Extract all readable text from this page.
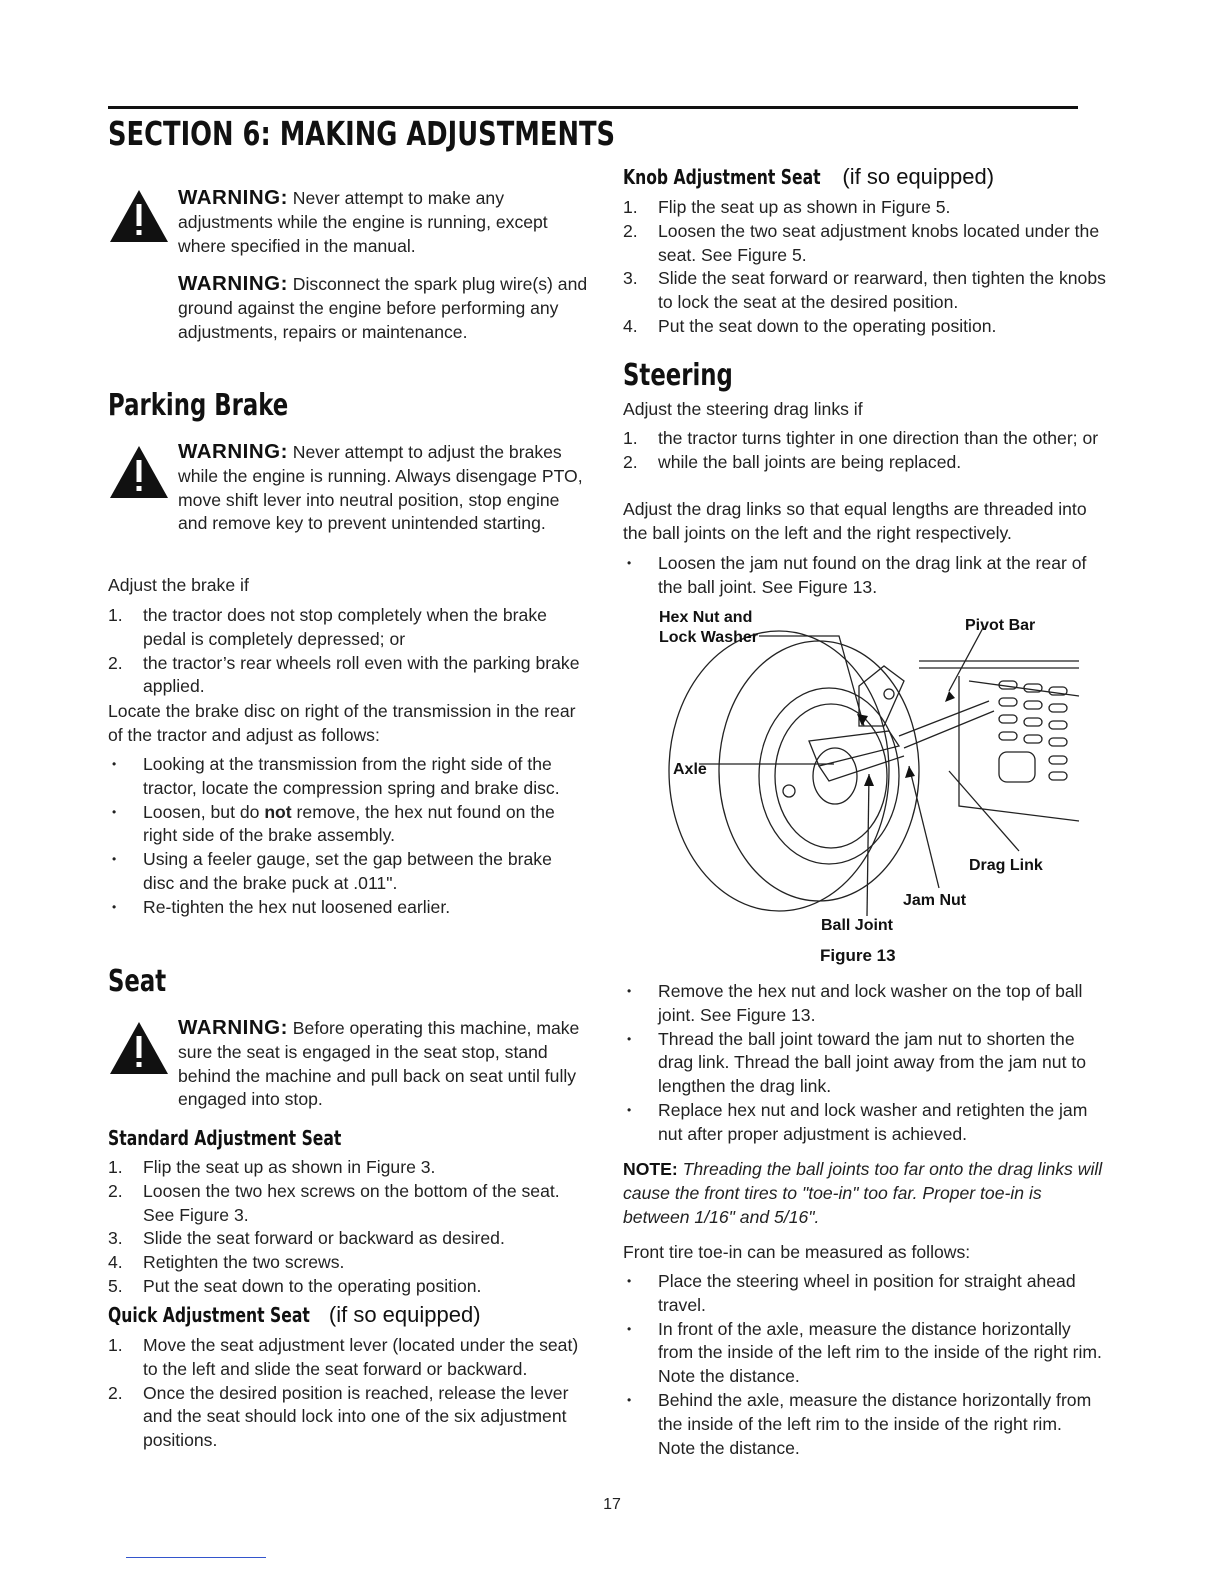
SECTION 6: MAKING ADJUSTMENTS
WARNING: Never attempt to make any adjustments while the engine is running, except where specified in the manual.
WARNING: Disconnect the spark plug wire(s) and ground against the engine before performing any adjustments, repairs or maintenance.
Parking Brake
WARNING: Never attempt to adjust the brakes while the engine is running. Always disengage PTO, move shift lever into neutral position, stop engine and remove key to prevent unintended starting.
Adjust the brake if
1. the tractor does not stop completely when the brake pedal is completely depressed; or
2. the tractor’s rear wheels roll even with the parking brake applied.
Locate the brake disc on right of the transmission in the rear of the tractor and adjust as follows:
• Looking at the transmission from the right side of the tractor, locate the compression spring and brake disc.
• Loosen, but do not remove, the hex nut found on the right side of the brake assembly.
• Using a feeler gauge, set the gap between the brake disc and the brake puck at .011".
• Re-tighten the hex nut loosened earlier.
Seat
WARNING: Before operating this machine, make sure the seat is engaged in the seat stop, stand behind the machine and pull back on seat until fully engaged into stop.
Standard Adjustment Seat
1. Flip the seat up as shown in Figure 3.
2. Loosen the two hex screws on the bottom of the seat. See Figure 3.
3. Slide the seat forward or backward as desired.
4. Retighten the two screws.
5. Put the seat down to the operating position.
Quick Adjustment Seat (if so equipped)
1. Move the seat adjustment lever (located under the seat) to the left and slide the seat forward or backward.
2. Once the desired position is reached, release the lever and the seat should lock into one of the six adjustment positions.
Knob Adjustment Seat (if so equipped)
1. Flip the seat up as shown in Figure 5.
2. Loosen the two seat adjustment knobs located under the seat. See Figure 5.
3. Slide the seat forward or rearward, then tighten the knobs to lock the seat at the desired position.
4. Put the seat down to the operating position.
Steering
Adjust the steering drag links if
1. the tractor turns tighter in one direction than the other; or
2. while the ball joints are being replaced.
Adjust the drag links so that equal lengths are threaded into the ball joints on the left and the right respectively.
• Loosen the jam nut found on the drag link at the rear of the ball joint. See Figure 13.
Hex Nut and
Lock Washer
Pivot Bar
Axle
Drag Link
Jam Nut
Ball Joint
Figure 13
• Remove the hex nut and lock washer on the top of ball joint. See Figure 13.
• Thread the ball joint toward the jam nut to shorten the drag link. Thread the ball joint away from the jam nut to lengthen the drag link.
• Replace hex nut and lock washer and retighten the jam nut after proper adjustment is achieved.
NOTE: Threading the ball joints too far onto the drag links will cause the front tires to "toe-in" too far. Proper toe-in is between 1/16" and 5/16".
Front tire toe-in can be measured as follows:
• Place the steering wheel in position for straight ahead travel.
• In front of the axle, measure the distance horizontally from the inside of the left rim to the inside of the right rim. Note the distance.
• Behind the axle, measure the distance horizontally from the inside of the left rim to the inside of the right rim. Note the distance.
17
